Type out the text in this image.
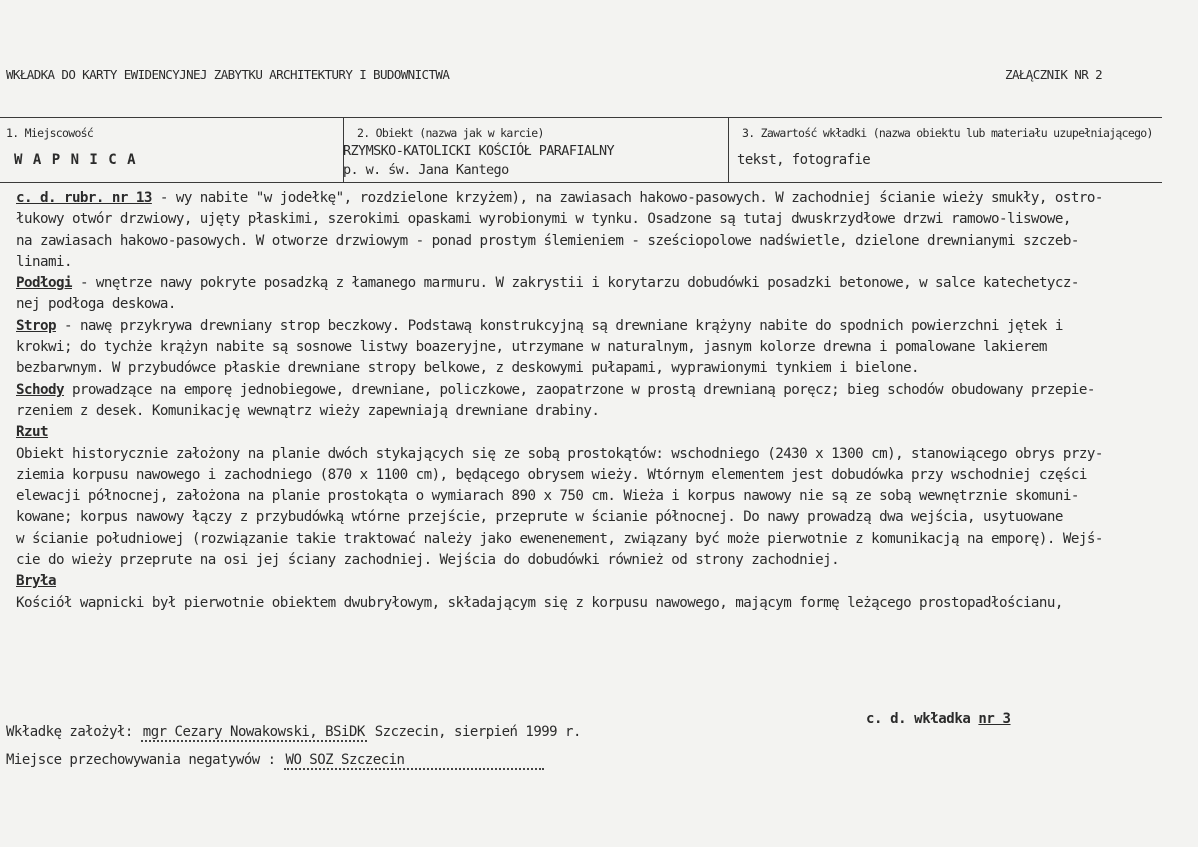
WKŁADKA DO KARTY EWIDENCYJNEJ ZABYTKU ARCHITEKTURY I BUDOWNICTWA	ZAŁĄCZNIK NR 2
1. Miejscowość
W A P N I C A
2. Obiekt (nazwa jak w karcie)
RZYMSKO-KATOLICKI KOŚCIÓŁ PARAFIALNY
p. w. św. Jana Kantego
3. Zawartość wkładki (nazwa obiektu lub materiału uzupełniającego)
tekst, fotografie
c. d. rubr. nr 13 - wy nabite "w jodełkę", rozdzielone krzyżem), na zawiasach hakowo-pasowych. W zachodniej ścianie wieży smukły, ostro-
łukowy otwór drzwiowy, ujęty płaskimi, szerokimi opaskami wyrobionymi w tynku. Osadzone są tutaj dwuskrzydłowe drzwi ramowo-liswowe,
na zawiasach hakowo-pasowych. W otworze drzwiowym - ponad prostym ślemieniem - sześciopolowe nadświetle, dzielone drewnianymi szczeb-
linami.
Podłogi - wnętrze nawy pokryte posadzką z łamanego marmuru. W zakrystii i korytarzu dobudówki posadzki betonowe, w salce katechetycz-
nej podłoga deskowa.
Strop - nawę przykrywa drewniany strop beczkowy. Podstawą konstrukcyjną są drewniane krążyny nabite do spodnich powierzchni jętek i
krokwi; do tychże krążyn nabite są sosnowe listwy boazeryjne, utrzymane w naturalnym, jasnym kolorze drewna i pomalowane lakierem
bezbarwnym. W przybudówce płaskie drewniane stropy belkowe, z deskowymi pułapami, wyprawionymi tynkiem i bielone.
Schody prowadzące na emporę jednobiegowe, drewniane, policzkowe, zaopatrzone w prostą drewnianą poręcz; bieg schodów obudowany przepie-
rzeniem z desek. Komunikację wewnątrz wieży zapewniają drewniane drabiny.
Rzut
Obiekt historycznie założony na planie dwóch stykających się ze sobą prostokątów: wschodniego (2430 x 1300 cm), stanowiącego obrys przy-
ziemia korpusu nawowego i zachodniego (870 x 1100 cm), będącego obrysem wieży. Wtórnym elementem jest dobudówka przy wschodniej części
elewacji północnej, założona na planie prostokąta o wymiarach 890 x 750 cm. Wieża i korpus nawowy nie są ze sobą wewnętrznie skomuni-
kowane; korpus nawowy łączy z przybudówką wtórne przejście, przeprute w ścianie północnej. Do nawy prowadzą dwa wejścia, usytuowane
w ścianie południowej (rozwiązanie takie traktować należy jako ewenenement, związany być może pierwotnie z komunikacją na emporę). Wejś-
cie do wieży przeprute na osi jej ściany zachodniej. Wejścia do dobudówki również od strony zachodniej.
Bryła
Kościół wapnicki był pierwotnie obiektem dwubryłowym, składającym się z korpusu nawowego, mającym formę leżącego prostopadłościanu,
Wkładkę założył: mgr Cezary Nowakowski, BSiDK Szczecin, sierpień 1999 r.
c. d. wkładka nr 3
Miejsce przechowywania negatywów : WO SOZ Szczecin
